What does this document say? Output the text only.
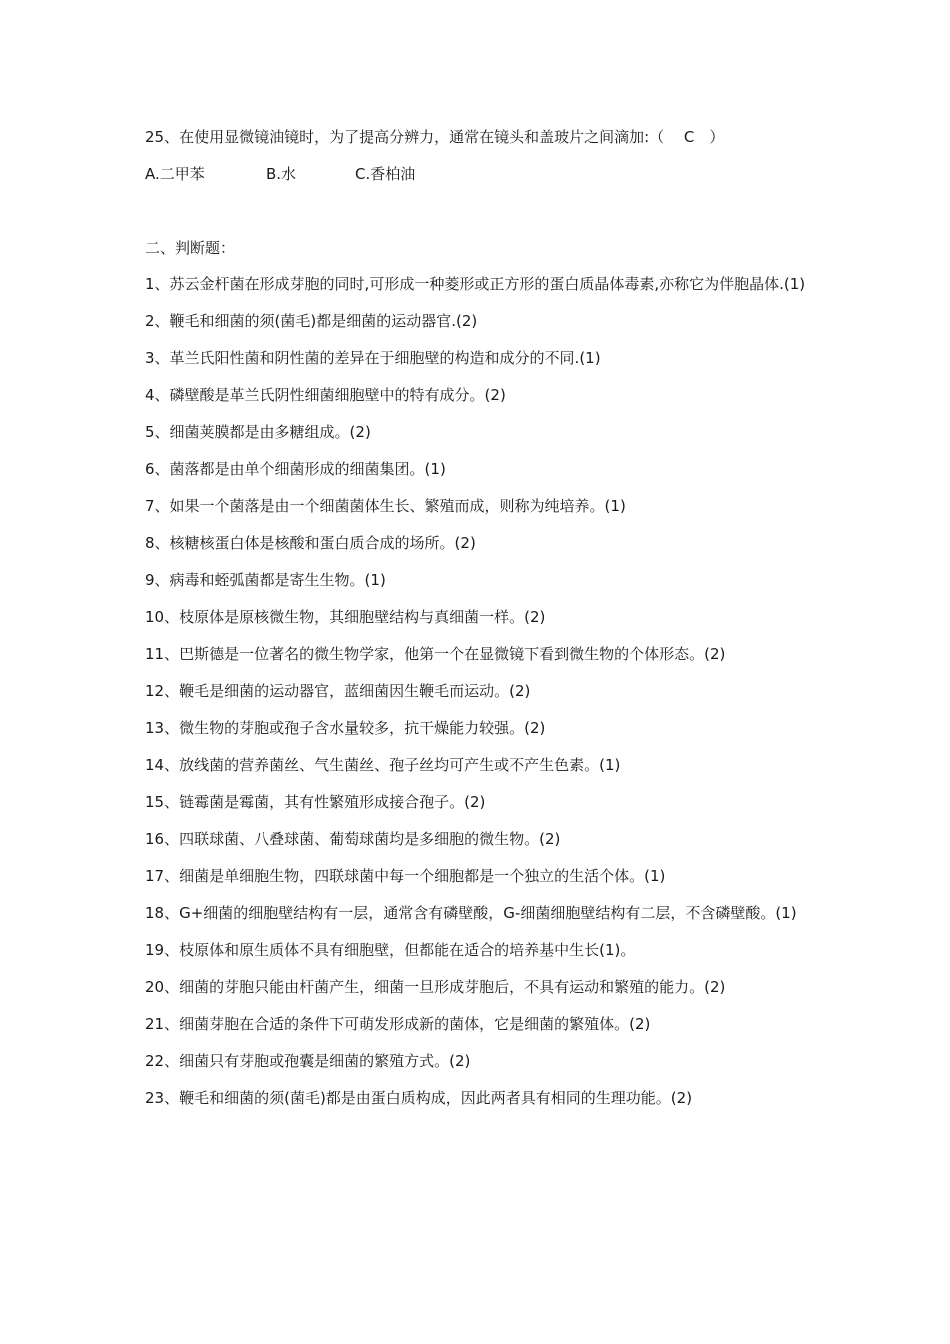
25、在使用显微镜油镜时，为了提高分辨力，通常在镜头和盖玻片之间滴加:（　 C　）
A.二甲苯	B.水	C.香柏油
二、判断题：
1、苏云金杆菌在形成芽胞的同时,可形成一种菱形或正方形的蛋白质晶体毒素,亦称它为伴胞晶体.(1)
2、鞭毛和细菌的须(菌毛)都是细菌的运动器官.(2)
3、革兰氏阳性菌和阴性菌的差异在于细胞壁的构造和成分的不同.(1)
4、磷壁酸是革兰氏阴性细菌细胞壁中的特有成分。(2)
5、细菌荚膜都是由多糖组成。(2)
6、菌落都是由单个细菌形成的细菌集团。(1)
7、如果一个菌落是由一个细菌菌体生长、繁殖而成，则称为纯培养。(1)
8、核糖核蛋白体是核酸和蛋白质合成的场所。(2)
9、病毒和蛭弧菌都是寄生生物。(1)
10、枝原体是原核微生物，其细胞壁结构与真细菌一样。(2)
11、巴斯德是一位著名的微生物学家，他第一个在显微镜下看到微生物的个体形态。(2)
12、鞭毛是细菌的运动器官，蓝细菌因生鞭毛而运动。(2)
13、微生物的芽胞或孢子含水量较多，抗干燥能力较强。(2)
14、放线菌的营养菌丝、气生菌丝、孢子丝均可产生或不产生色素。(1)
15、链霉菌是霉菌，其有性繁殖形成接合孢子。(2)
16、四联球菌、八叠球菌、葡萄球菌均是多细胞的微生物。(2)
17、细菌是单细胞生物，四联球菌中每一个细胞都是一个独立的生活个体。(1)
18、G+细菌的细胞壁结构有一层，通常含有磷壁酸，G-细菌细胞壁结构有二层，不含磷壁酸。(1)
19、枝原体和原生质体不具有细胞壁，但都能在适合的培养基中生长(1)。
20、细菌的芽胞只能由杆菌产生，细菌一旦形成芽胞后，不具有运动和繁殖的能力。(2)
21、细菌芽胞在合适的条件下可萌发形成新的菌体，它是细菌的繁殖体。(2)
22、细菌只有芽胞或孢囊是细菌的繁殖方式。(2)
23、鞭毛和细菌的须(菌毛)都是由蛋白质构成，因此两者具有相同的生理功能。(2)
